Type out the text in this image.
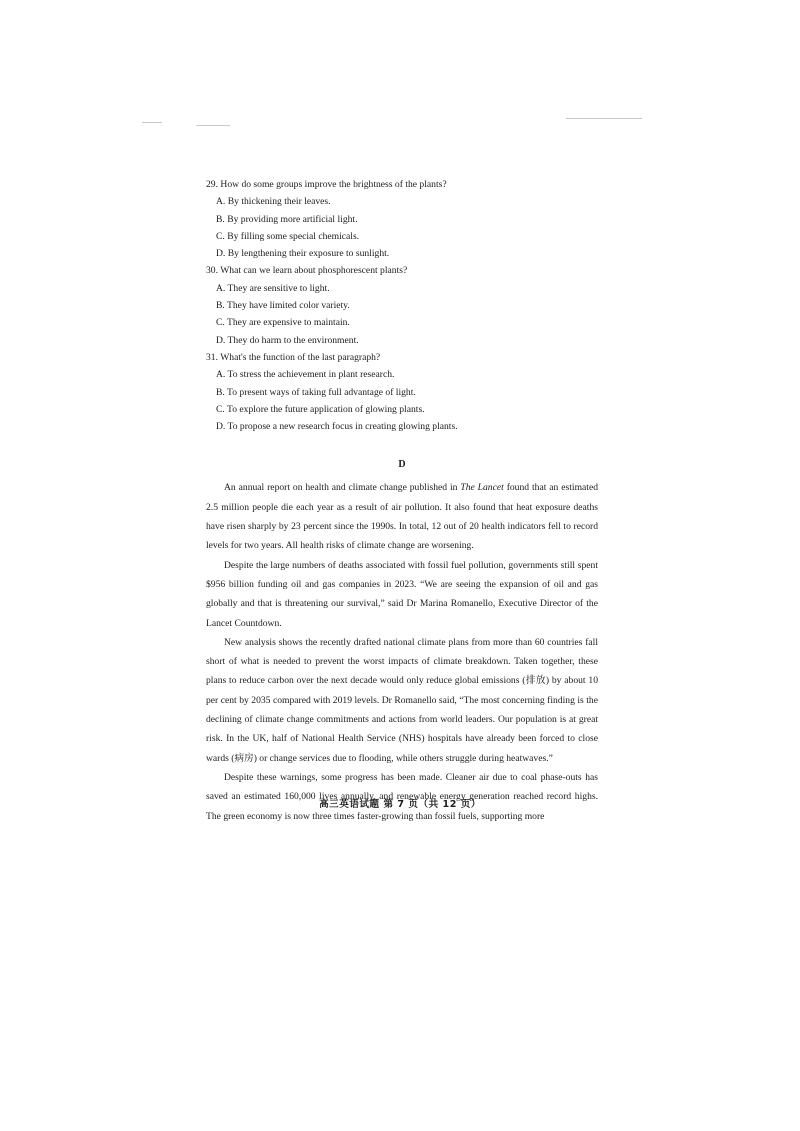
29. How do some groups improve the brightness of the plants?
A. By thickening their leaves.
B. By providing more artificial light.
C. By filling some special chemicals.
D. By lengthening their exposure to sunlight.
30. What can we learn about phosphorescent plants?
A. They are sensitive to light.
B. They have limited color variety.
C. They are expensive to maintain.
D. They do harm to the environment.
31. What's the function of the last paragraph?
A. To stress the achievement in plant research.
B. To present ways of taking full advantage of light.
C. To explore the future application of glowing plants.
D. To propose a new research focus in creating glowing plants.
D

An annual report on health and climate change published in The Lancet found that an estimated 2.5 million people die each year as a result of air pollution. It also found that heat exposure deaths have risen sharply by 23 percent since the 1990s. In total, 12 out of 20 health indicators fell to record levels for two years. All health risks of climate change are worsening.

Despite the large numbers of deaths associated with fossil fuel pollution, governments still spent $956 billion funding oil and gas companies in 2023. “We are seeing the expansion of oil and gas globally and that is threatening our survival,” said Dr Marina Romanello, Executive Director of the Lancet Countdown.

New analysis shows the recently drafted national climate plans from more than 60 countries fall short of what is needed to prevent the worst impacts of climate breakdown. Taken together, these plans to reduce carbon over the next decade would only reduce global emissions (排放) by about 10 per cent by 2035 compared with 2019 levels. Dr Romanello said, “The most concerning finding is the declining of climate change commitments and actions from world leaders. Our population is at great risk. In the UK, half of National Health Service (NHS) hospitals have already been forced to close wards (病房) or change services due to flooding, while others struggle during heatwaves.”

Despite these warnings, some progress has been made. Cleaner air due to coal phase-outs has saved an estimated 160,000 lives annually, and renewable energy generation reached record highs. The green economy is now three times faster-growing than fossil fuels, supporting more

高三英语试题 第 7 页（共 12 页）
